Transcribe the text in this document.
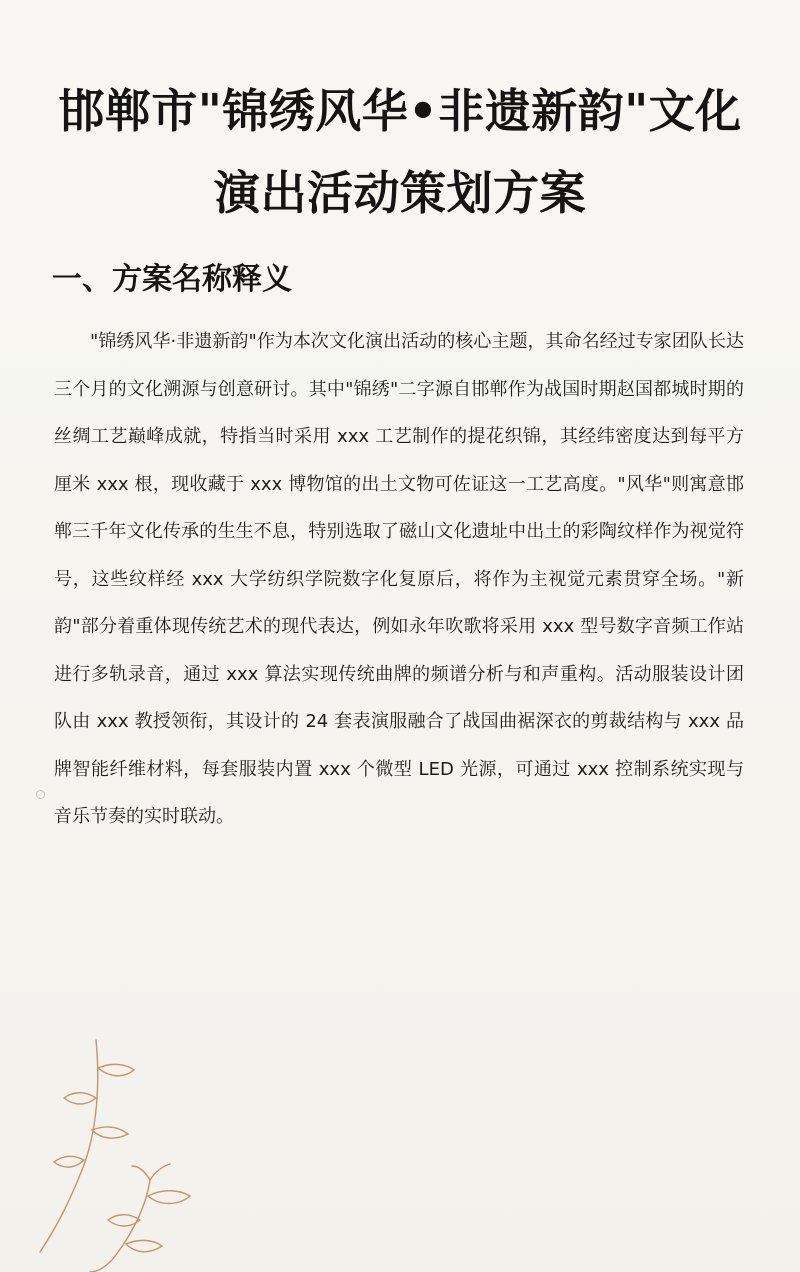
邯郸市"锦绣风华•非遗新韵"文化演出活动策划方案
一、方案名称释义

"锦绣风华·非遗新韵"作为本次文化演出活动的核心主题，其命名经过专家团队长达三个月的文化溯源与创意研讨。其中"锦绣"二字源自邯郸作为战国时期赵国都城时期的丝绸工艺巅峰成就，特指当时采用 xxx 工艺制作的提花织锦，其经纬密度达到每平方厘米 xxx 根，现收藏于 xxx 博物馆的出土文物可佐证这一工艺高度。"风华"则寓意邯郸三千年文化传承的生生不息，特别选取了磁山文化遗址中出土的彩陶纹样作为视觉符号，这些纹样经 xxx 大学纺织学院数字化复原后，将作为主视觉元素贯穿全场。"新韵"部分着重体现传统艺术的现代表达，例如永年吹歌将采用 xxx 型号数字音频工作站进行多轨录音，通过 xxx 算法实现传统曲牌的频谱分析与和声重构。活动服装设计团队由 xxx 教授领衔，其设计的 24 套表演服融合了战国曲裾深衣的剪裁结构与 xxx 品牌智能纤维材料，每套服装内置 xxx 个微型 LED 光源，可通过 xxx 控制系统实现与音乐节奏的实时联动。
